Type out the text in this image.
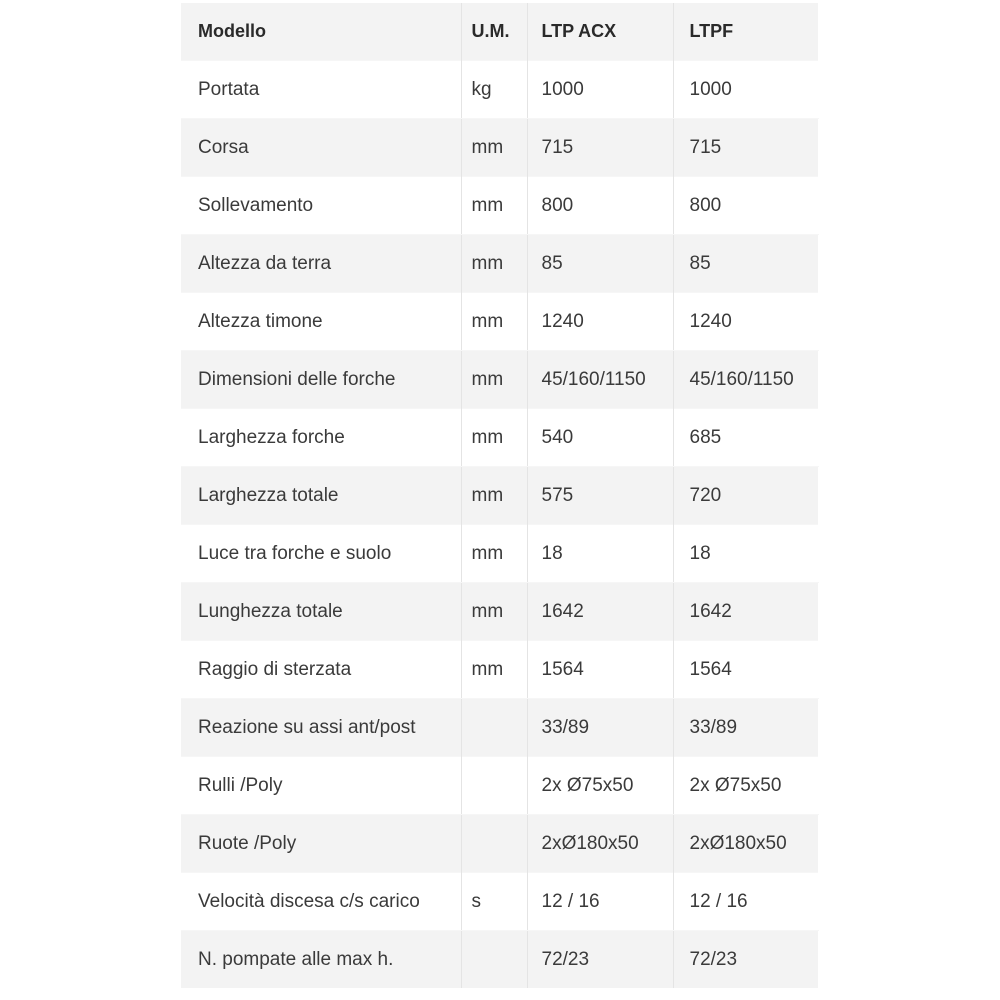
Modello	U.M.	LTP ACX	LTPF
Portata	kg	1000	1000
Corsa	mm	715	715
Sollevamento	mm	800	800
Altezza da terra	mm	85	85
Altezza timone	mm	1240	1240
Dimensioni delle forche	mm	45/160/1150	45/160/1150
Larghezza forche	mm	540	685
Larghezza totale	mm	575	720
Luce tra forche e suolo	mm	18	18
Lunghezza totale	mm	1642	1642
Raggio di sterzata	mm	1564	1564
Reazione su assi ant/post		33/89	33/89
Rulli /Poly		2x Ø75x50	2x Ø75x50
Ruote /Poly		2xØ180x50	2xØ180x50
Velocità discesa c/s carico	s	12 / 16	12 / 16
N. pompate alle max h.		72/23	72/23
